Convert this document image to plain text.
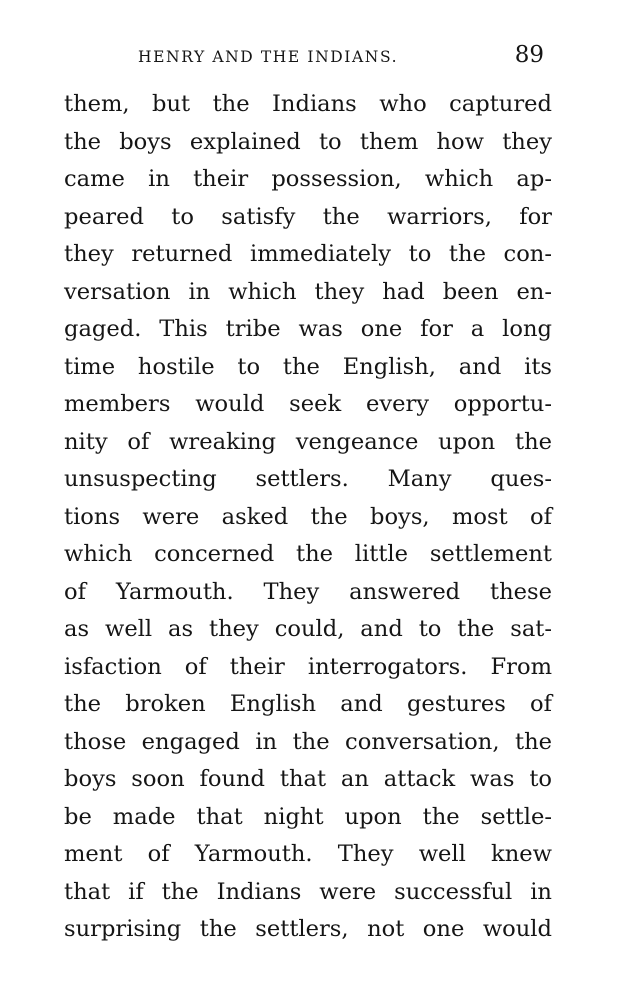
HENRY AND THE INDIANS.	89
them, but the Indians who captured
the boys explained to them how they
came in their possession, which ap-
peared to satisfy the warriors, for
they returned immediately to the con-
versation in which they had been en-
gaged. This tribe was one for a long
time hostile to the English, and its
members would seek every opportu-
nity of wreaking vengeance upon the
unsuspecting settlers. Many ques-
tions were asked the boys, most of
which concerned the little settlement
of Yarmouth. They answered these
as well as they could, and to the sat-
isfaction of their interrogators. From
the broken English and gestures of
those engaged in the conversation, the
boys soon found that an attack was to
be made that night upon the settle-
ment of Yarmouth. They well knew
that if the Indians were successful in
surprising the settlers, not one would
